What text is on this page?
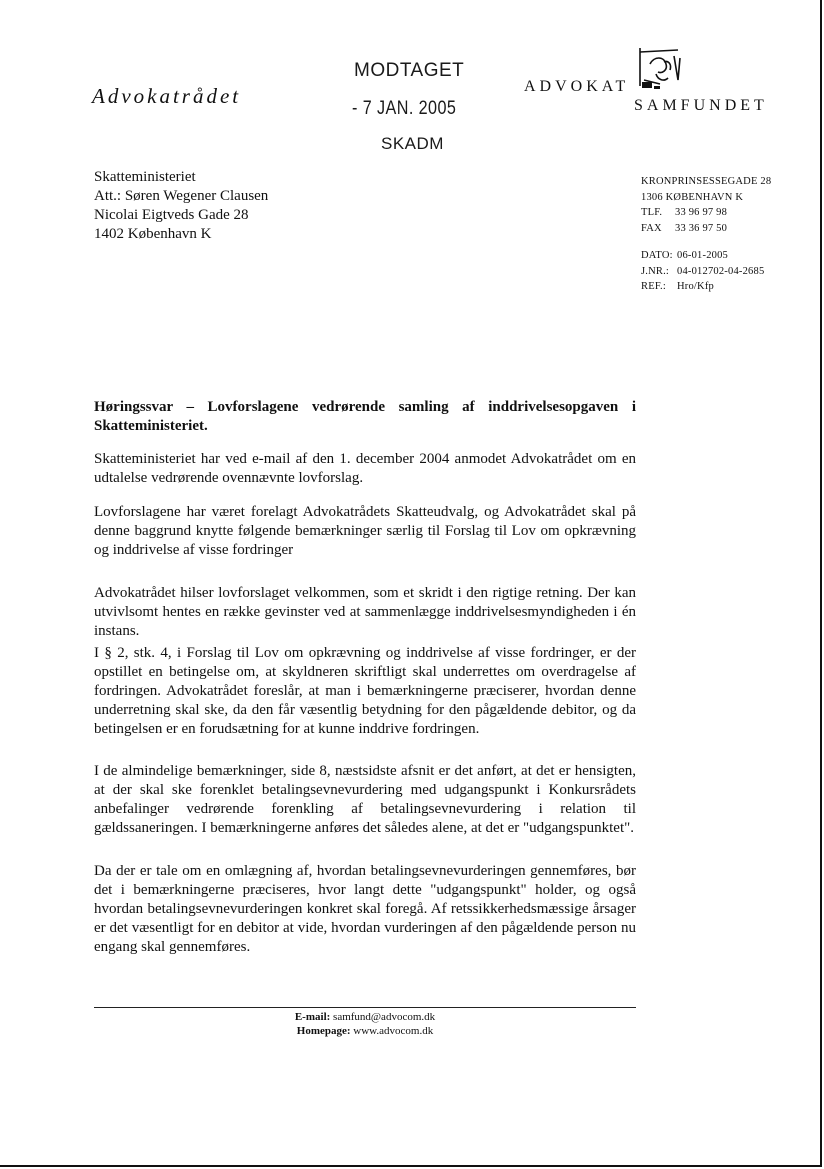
Advokatrådet
MODTAGET
- 7 JAN. 2005
SKADM
ADVOKAT
SAMFUNDET
Skatteministeriet
Att.: Søren Wegener Clausen
Nicolai Eigtveds Gade 28
1402 København K
KRONPRINSESSEGADE 28
1306 KØBENHAVN K
TLF.	33 96 97 98
FAX	33 36 97 50
DATO: 06-01-2005
J.NR.: 04-012702-04-2685
REF.:	Hro/Kfp
Høringssvar – Lovforslagene vedrørende samling af inddrivelsesopgaven i Skatteministeriet.
Skatteministeriet har ved e-mail af den 1. december 2004 anmodet Advokatrådet om en udtalelse vedrørende ovennævnte lovforslag.
Lovforslagene har været forelagt Advokatrådets Skatteudvalg, og Advokatrådet skal på denne baggrund knytte følgende bemærkninger særlig til Forslag til Lov om opkrævning og inddrivelse af visse fordringer
Advokatrådet hilser lovforslaget velkommen, som et skridt i den rigtige retning. Der kan utvivlsomt hentes en række gevinster ved at sammenlægge inddrivelsesmyndigheden i én instans.
I § 2, stk. 4, i Forslag til Lov om opkrævning og inddrivelse af visse fordringer, er der opstillet en betingelse om, at skyldneren skriftligt skal underrettes om overdragelse af fordringen. Advokatrådet foreslår, at man i bemærkningerne præciserer, hvordan denne underretning skal ske, da den får væsentlig betydning for den pågældende debitor, og da betingelsen er en forudsætning for at kunne inddrive fordringen.
I de almindelige bemærkninger, side 8, næstsidste afsnit er det anført, at det er hensigten, at der skal ske forenklet betalingsevnevurdering med udgangspunkt i Konkursrådets anbefalinger vedrørende forenkling af betalingsevnevurdering i relation til gældssaneringen. I bemærkningerne anføres det således alene, at det er "udgangspunktet".
Da der er tale om en omlægning af, hvordan betalingsevnevurderingen gennemføres, bør det i bemærkningerne præciseres, hvor langt dette "udgangspunkt" holder, og også hvordan betalingsevnevurderingen konkret skal foregå. Af retssikkerhedsmæssige årsager er det væsentligt for en debitor at vide, hvordan vurderingen af den pågældende person nu engang skal gennemføres.
E-mail: samfund@advocom.dk
Homepage: www.advocom.dk
